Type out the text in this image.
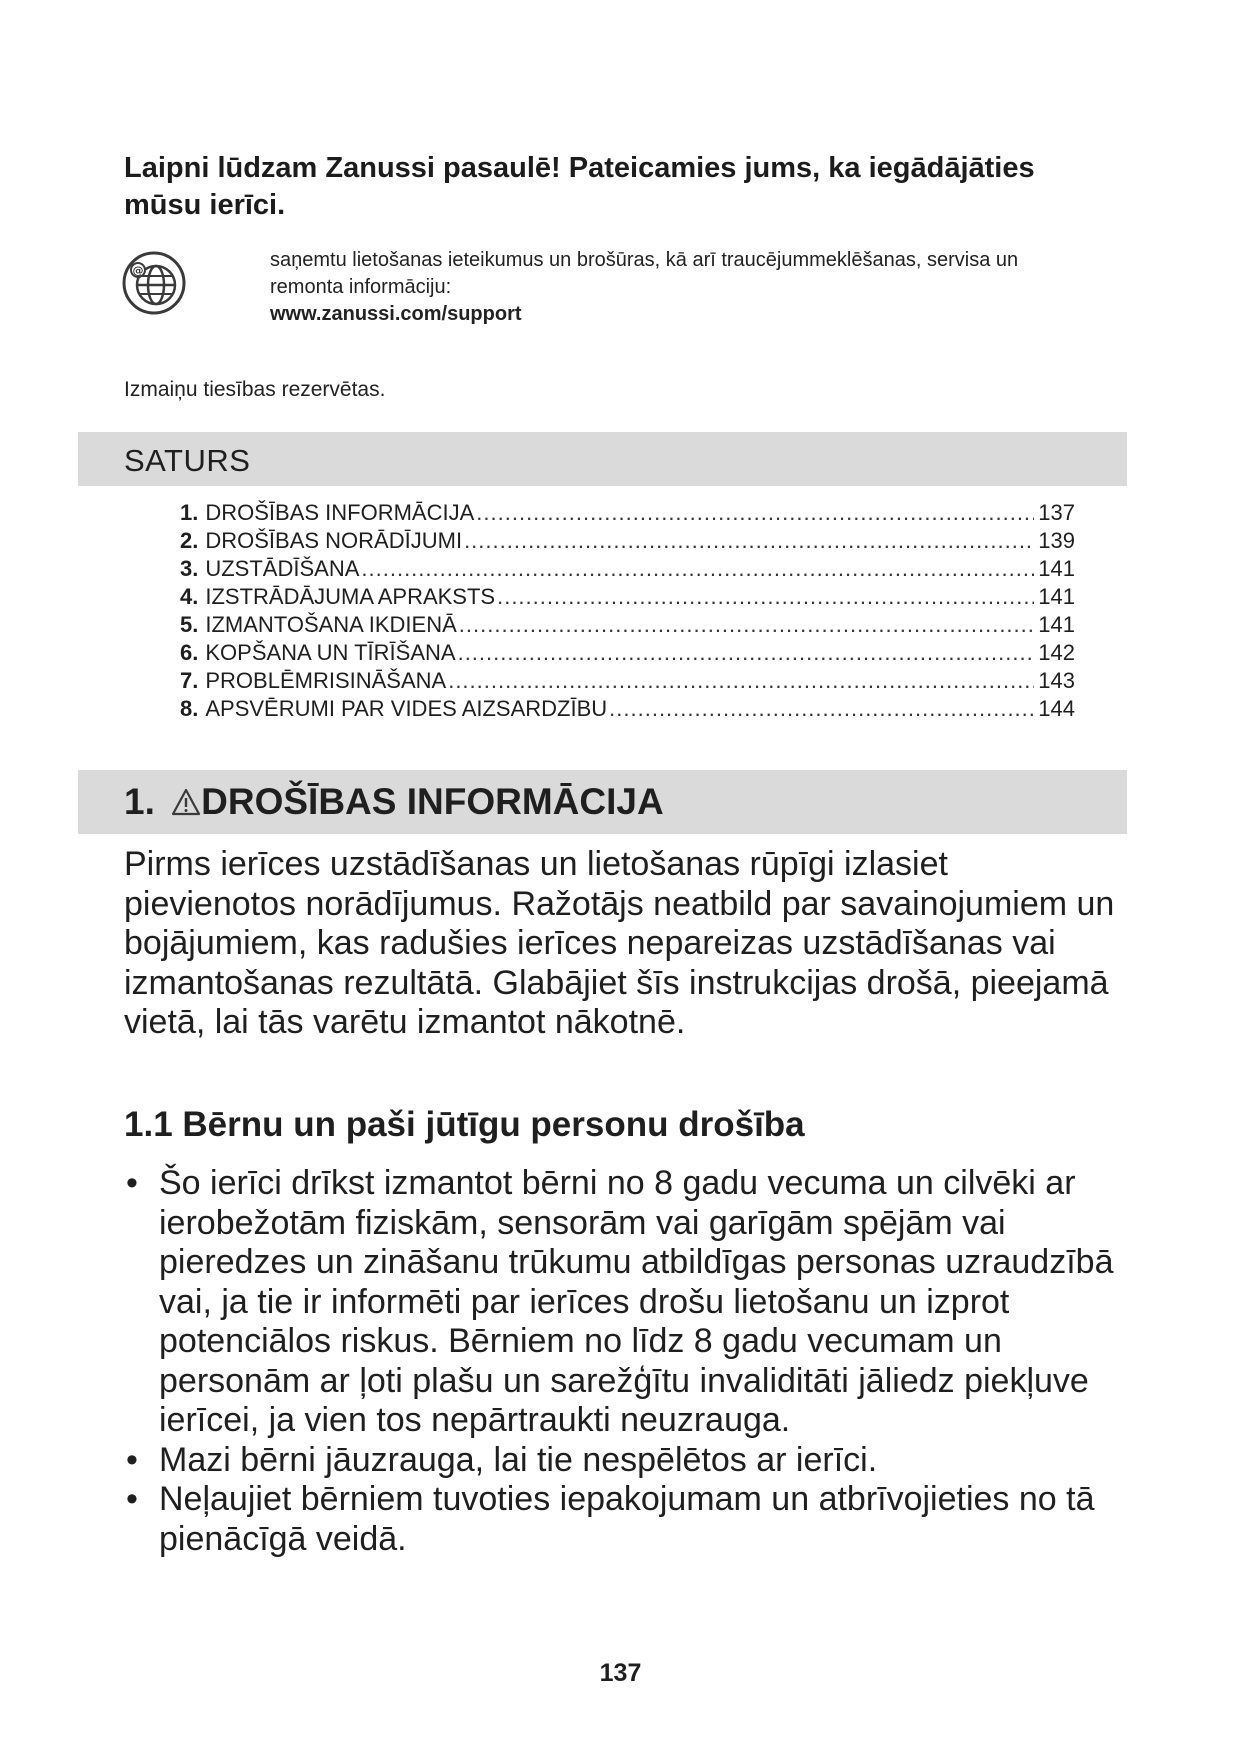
Laipni lūdzam Zanussi pasaulē! Pateicamies jums, ka iegādājāties
mūsu ierīci.
@	saņemtu lietošanas ieteikumus un brošūras, kā arī traucējummeklēšanas, servisa un
remonta informāciju:
www.zanussi.com/support
Izmaiņu tiesības rezervētas.
SATURS
1. DROŠĪBAS INFORMĀCIJA .....	137
2. DROŠĪBAS NORĀDĪJUMI .....	139
3. UZSTĀDĪŠANA .....	141
4. IZSTRĀDĀJUMA APRAKSTS .....	141
5. IZMANTOŠANA IKDIENĀ .....	141
6. KOPŠANA UN TĪRĪŠANA .....	142
7. PROBLĒMRISINĀŠANA .....	143
8. APSVĒRUMI PAR VIDES AIZSARDZĪBU .....	144
1. DROŠĪBAS INFORMĀCIJA

Pirms ierīces uzstādīšanas un lietošanas rūpīgi izlasiet pievienotos norādījumus. Ražotājs neatbild par savainojumiem un bojājumiem, kas radušies ierīces nepareizas uzstādīšanas vai izmantošanas rezultātā. Glabājiet šīs instrukcijas drošā, pieejamā vietā, lai tās varētu izmantot nākotnē.

1.1 Bērnu un paši jūtīgu personu drošība
• Šo ierīci drīkst izmantot bērni no 8 gadu vecuma un cilvēki ar ierobežotām fiziskām, sensorām vai garīgām spējām vai pieredzes un zināšanu trūkumu atbildīgas personas uzraudzībā vai, ja tie ir informēti par ierīces drošu lietošanu un izprot potenciālos riskus. Bērniem no līdz 8 gadu vecumam un personām ar ļoti plašu un sarežģītu invaliditāti jāliedz piekļuve ierīcei, ja vien tos nepārtraukti neuzrauga.
• Mazi bērni jāuzrauga, lai tie nespēlētos ar ierīci.
• Neļaujiet bērniem tuvoties iepakojumam un atbrīvojieties no tā pienācīgā veidā.
137
